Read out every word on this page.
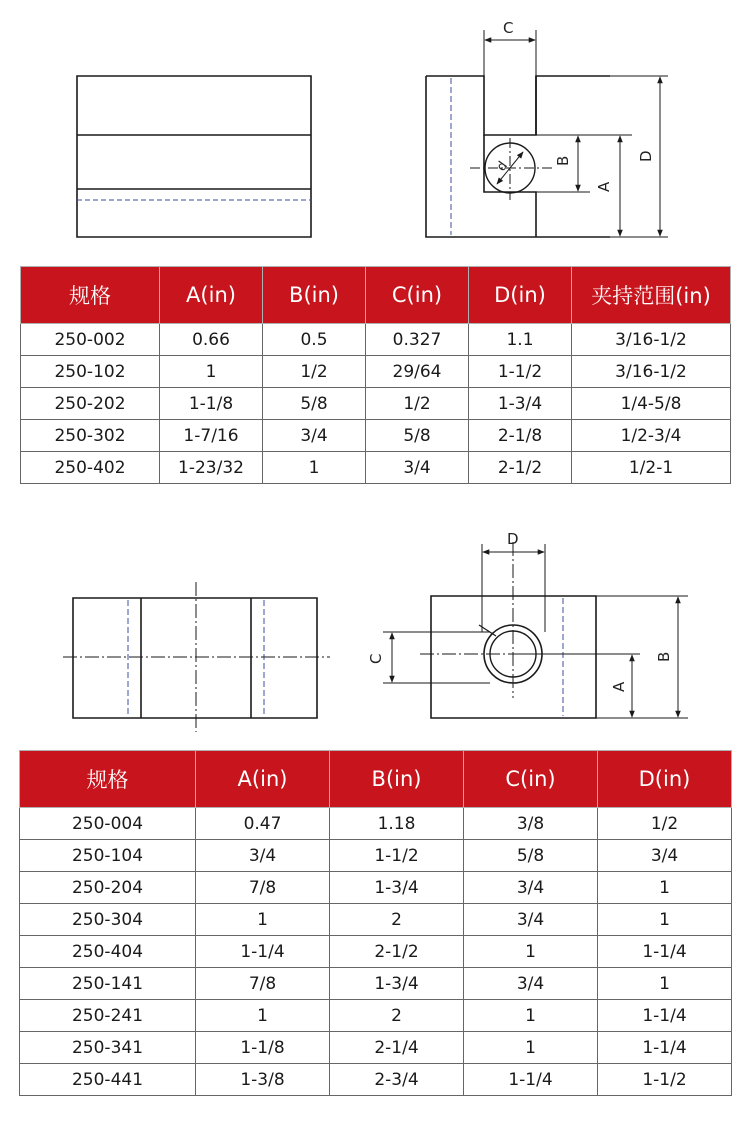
C
B
A
D
d
规格	A(in)	B(in)	C(in)	D(in)	夹持范围(in)
250-002	0.66	0.5	0.327	1.1	3/16-1/2
250-102	1	1/2	29/64	1-1/2	3/16-1/2
250-202	1-1/8	5/8	1/2	1-3/4	1/4-5/8
250-302	1-7/16	3/4	5/8	2-1/8	1/2-3/4
250-402	1-23/32	1	3/4	2-1/2	1/2-1
D
C
A
B
规格	A(in)	B(in)	C(in)	D(in)
250-004	0.47	1.18	3/8	1/2
250-104	3/4	1-1/2	5/8	3/4
250-204	7/8	1-3/4	3/4	1
250-304	1	2	3/4	1
250-404	1-1/4	2-1/2	1	1-1/4
250-141	7/8	1-3/4	3/4	1
250-241	1	2	1	1-1/4
250-341	1-1/8	2-1/4	1	1-1/4
250-441	1-3/8	2-3/4	1-1/4	1-1/2
